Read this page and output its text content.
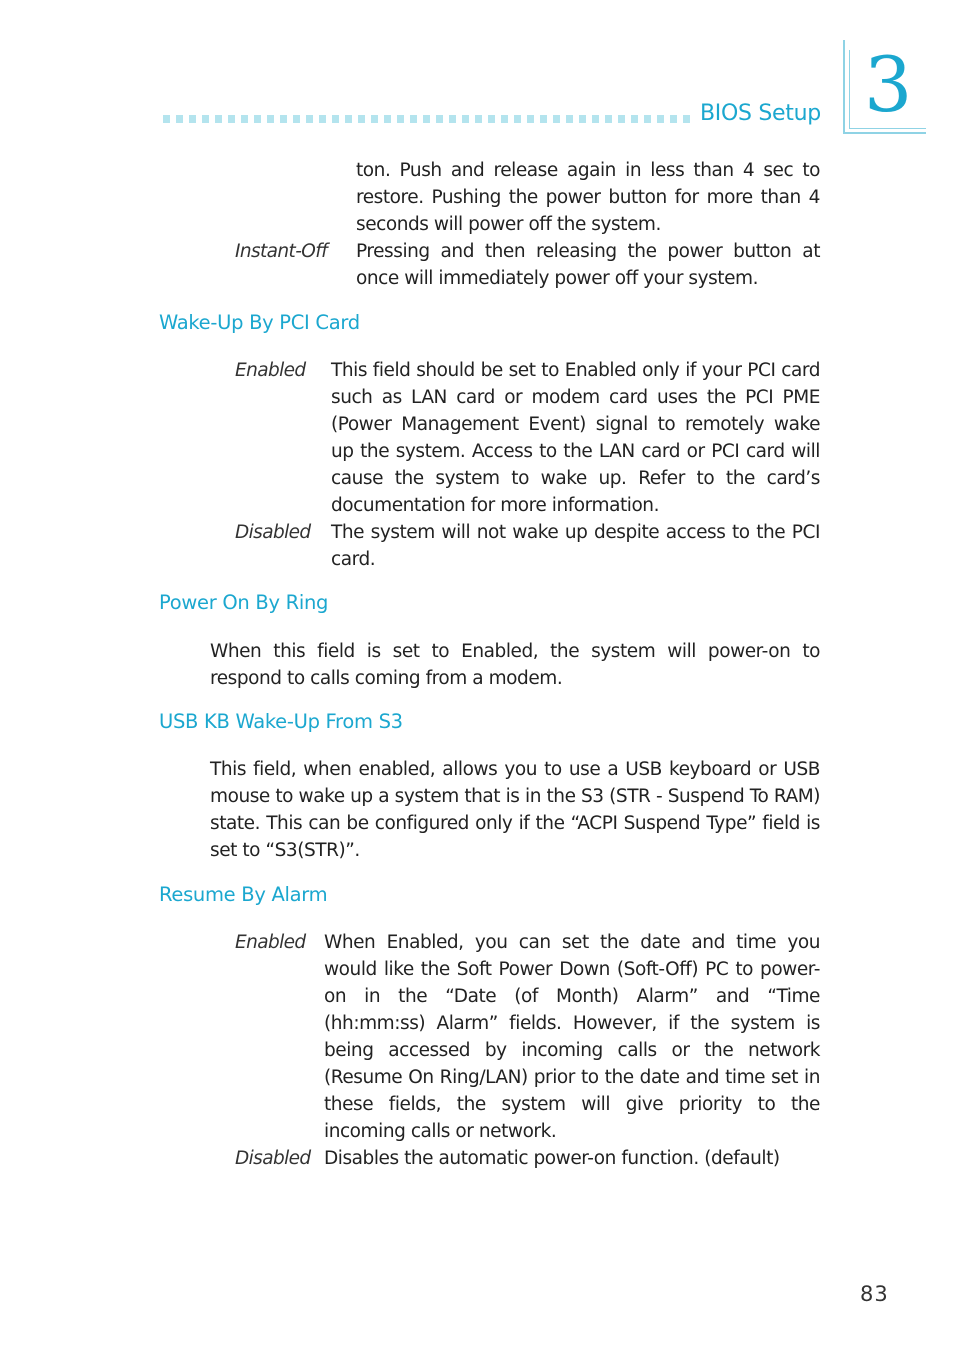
BIOS Setup 3

ton. Push and release again in less than 4 sec to restore. Pushing the power button for more than 4 seconds will power off the system.

Instant-Off Pressing and then releasing the power button at once will immediately power off your system.

Wake-Up By PCI Card
Enabled This field should be set to Enabled only if your PCI card such as LAN card or modem card uses the PCI PME (Power Management Event) signal to remotely wake up the system. Access to the LAN card or PCI card will cause the system to wake up. Refer to the card’s documentation for more information.

Disabled The system will not wake up despite access to the PCI card.

Power On By Ring

When this field is set to Enabled, the system will power-on to respond to calls coming from a modem.

USB KB Wake-Up From S3

This field, when enabled, allows you to use a USB keyboard or USB mouse to wake up a system that is in the S3 (STR - Suspend To RAM) state. This can be configured only if the “ACPI Suspend Type” field is set to “S3(STR)”.

Resume By Alarm
Enabled When Enabled, you can set the date and time you would like the Soft Power Down (Soft-Off) PC to power-on in the “Date (of Month) Alarm” and “Time (hh:mm:ss) Alarm” fields. However, if the system is being accessed by incoming calls or the network (Resume On Ring/LAN) prior to the date and time set in these fields, the system will give priority to the incoming calls or network.

Disabled Disables the automatic power-on function. (default)

83
